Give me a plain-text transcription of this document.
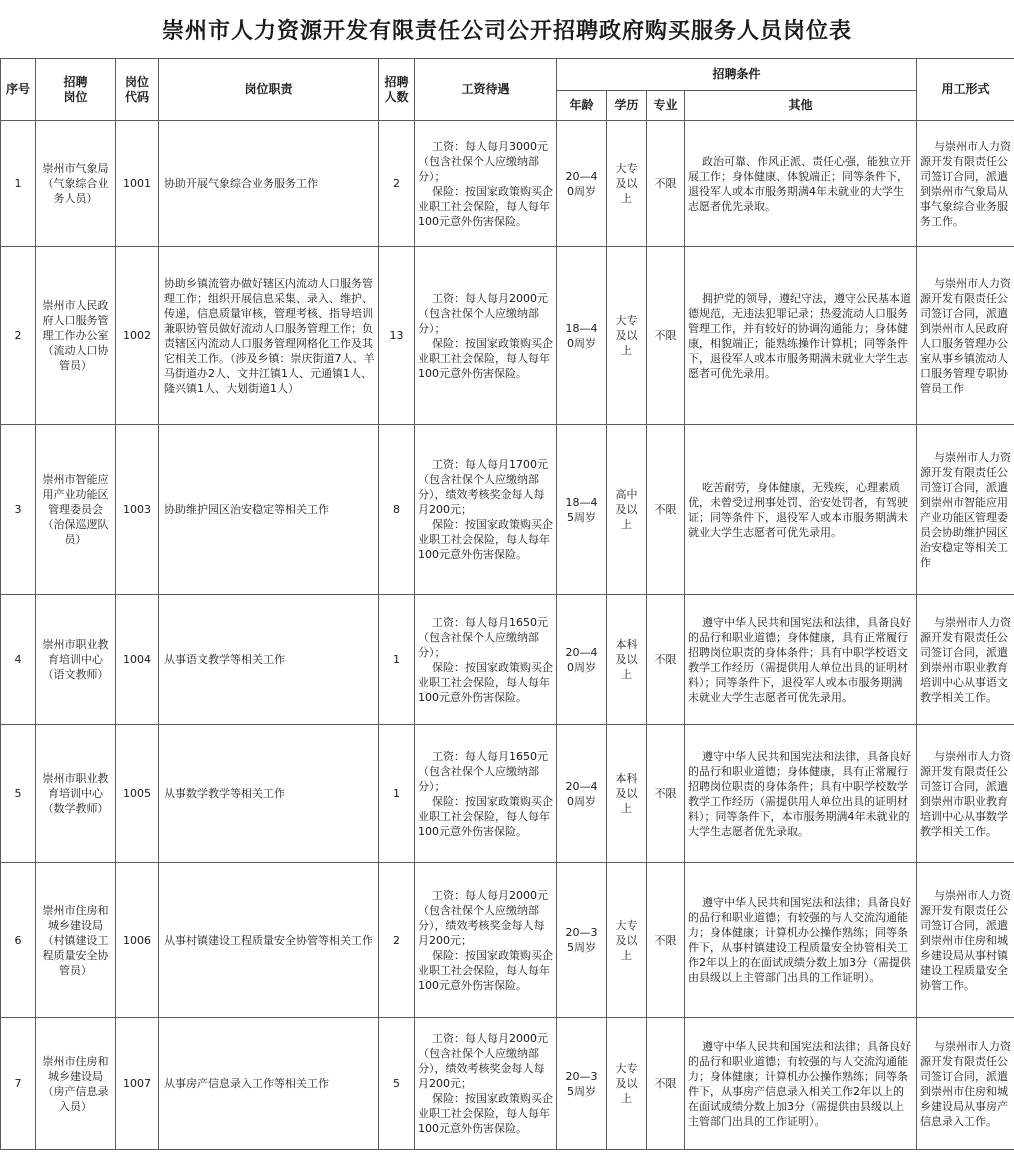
崇州市人力资源开发有限责任公司公开招聘政府购买服务人员岗位表
序号	招聘岗位	岗位代码	岗位职责	招聘人数	工资待遇	招聘条件				用工形式
						年龄	学历	专业	其他	

1	崇州市气象局（气象综合业务人员）	1001	协助开展气象综合业务服务工作	2	工资：每人每月3000元（包含社保个人应缴纳部分）；
保险：按国家政策购买企业职工社会保险，每人每年100元意外伤害保险。	20—40周岁	大专及以上	不限	政治可靠、作风正派、责任心强，能独立开展工作；身体健康、体貌端正；同等条件下，退役军人或本市服务期满4年未就业的大学生志愿者优先录取。	与崇州市人力资源开发有限责任公司签订合同，派遣到崇州市气象局从事气象综合业务服务工作。

2	崇州市人民政府人口服务管理工作办公室（流动人口协管员）	1002	协助乡镇流管办做好辖区内流动人口服务管理工作；组织开展信息采集、录入、维护、传递，信息质量审核，管理考核、指导培训兼职协管员做好流动人口服务管理工作；负责辖区内流动人口服务管理网格化工作及其它相关工作。（涉及乡镇：崇庆街道7人、羊马街道办2人、文井江镇1人、元通镇1人、隆兴镇1人、大划街道1人）	13	工资：每人每月2000元（包含社保个人应缴纳部分）；
保险：按国家政策购买企业职工社会保险，每人每年100元意外伤害保险。	18—40周岁	大专及以上	不限	拥护党的领导，遵纪守法，遵守公民基本道德规范，无违法犯罪记录；热爱流动人口服务管理工作，并有较好的协调沟通能力；身体健康，相貌端正；能熟练操作计算机；同等条件下，退役军人或本市服务期满未就业大学生志愿者可优先录用。	与崇州市人力资源开发有限责任公司签订合同，派遣到崇州市人民政府人口服务管理办公室从事乡镇流动人口服务管理专职协管员工作

3	崇州市智能应用产业功能区管理委员会（治保巡逻队员）	1003	协助维护园区治安稳定等相关工作	8	工资：每人每月1700元（包含社保个人应缴纳部分），绩效考核奖金每人每月200元；
保险：按国家政策购买企业职工社会保险，每人每年100元意外伤害保险。	18—45周岁	高中及以上	不限	吃苦耐劳，身体健康，无残疾，心理素质优，未曾受过刑事处罚、治安处罚者，有驾驶证；同等条件下，退役军人或本市服务期满未就业大学生志愿者可优先录用。	与崇州市人力资源开发有限责任公司签订合同，派遣到崇州市智能应用产业功能区管理委员会协助维护园区治安稳定等相关工作

4	崇州市职业教育培训中心（语文教师）	1004	从事语文教学等相关工作	1	工资：每人每月1650元（包含社保个人应缴纳部分）；
保险：按国家政策购买企业职工社会保险，每人每年100元意外伤害保险。	20—40周岁	本科及以上	不限	遵守中华人民共和国宪法和法律，具备良好的品行和职业道德；身体健康，具有正常履行招聘岗位职责的身体条件；具有中职学校语文教学工作经历（需提供用人单位出具的证明材料）；同等条件下，退役军人或本市服务期满未就业大学生志愿者可优先录用。	与崇州市人力资源开发有限责任公司签订合同，派遣到崇州市职业教育培训中心从事语文教学相关工作。

5	崇州市职业教育培训中心（数学教师）	1005	从事数学教学等相关工作	1	工资：每人每月1650元（包含社保个人应缴纳部分）；
保险：按国家政策购买企业职工社会保险，每人每年100元意外伤害保险。	20—40周岁	本科及以上	不限	遵守中华人民共和国宪法和法律，具备良好的品行和职业道德；身体健康，具有正常履行招聘岗位职责的身体条件；具有中职学校数学教学工作经历（需提供用人单位出具的证明材料）；同等条件下，本市服务期满4年未就业的大学生志愿者优先录取。	与崇州市人力资源开发有限责任公司签订合同，派遣到崇州市职业教育培训中心从事数学教学相关工作。

6	崇州市住房和城乡建设局（村镇建设工程质量安全协管员）	1006	从事村镇建设工程质量安全协管等相关工作	2	工资：每人每月2000元（包含社保个人应缴纳部分），绩效考核奖金每人每月200元；
保险：按国家政策购买企业职工社会保险，每人每年100元意外伤害保险。	20—35周岁	大专及以上	不限	遵守中华人民共和国宪法和法律；具备良好的品行和职业道德；有较强的与人交流沟通能力；身体健康；计算机办公操作熟练；同等条件下，从事村镇建设工程质量安全协管相关工作2年以上的在面试成绩分数上加3分（需提供由县级以上主管部门出具的工作证明）。	与崇州市人力资源开发有限责任公司签订合同，派遣到崇州市住房和城乡建设局从事村镇建设工程质量安全协管工作。

7	崇州市住房和城乡建设局（房产信息录入员）	1007	从事房产信息录入工作等相关工作	5	工资：每人每月2000元（包含社保个人应缴纳部分），绩效考核奖金每人每月200元；
保险：按国家政策购买企业职工社会保险，每人每年100元意外伤害保险。	20—35周岁	大专及以上	不限	遵守中华人民共和国宪法和法律；具备良好的品行和职业道德；有较强的与人交流沟通能力；身体健康；计算机办公操作熟练；同等条件下，从事房产信息录入相关工作2年以上的在面试成绩分数上加3分（需提供由县级以上主管部门出具的工作证明）。	与崇州市人力资源开发有限责任公司签订合同，派遣到崇州市住房和城乡建设局从事房产信息录入工作。
